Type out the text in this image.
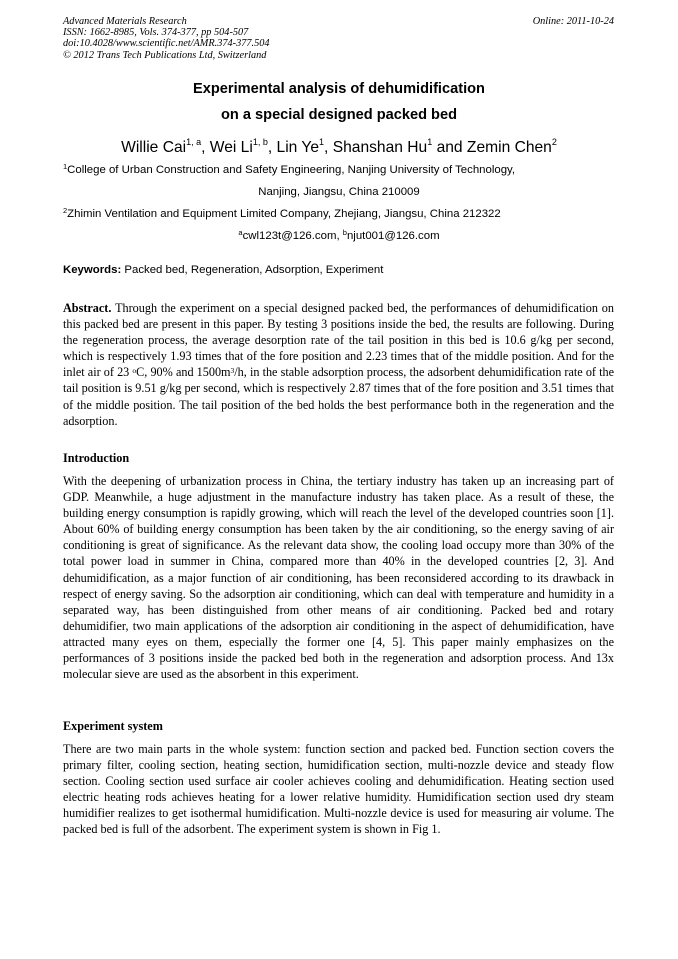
Advanced Materials Research
ISSN: 1662-8985, Vols. 374-377, pp 504-507
doi:10.4028/www.scientific.net/AMR.374-377.504
© 2012 Trans Tech Publications Ltd, Switzerland
Online: 2011-10-24
Experimental analysis of dehumidification
on a special designed packed bed
Willie Cai$^{1, a}$, Wei Li$^{1, b}$, Lin Ye$^1$, Shanshan Hu$^1$ and Zemin Chen$^2$
$^1$College of Urban Construction and Safety Engineering, Nanjing University of Technology,
Nanjing, Jiangsu, China 210009
$^2$Zhimin Ventilation and Equipment Limited Company, Zhejiang, Jiangsu, China 212322
$^a$cwl123t@126.com, $^b$njut001@126.com
Keywords: Packed bed, Regeneration, Adsorption, Experiment
Abstract. Through the experiment on a special designed packed bed, the performances of dehumidification on this packed bed are present in this paper. By testing 3 positions inside the bed, the results are following. During the regeneration process, the average desorption rate of the tail position in this bed is 10.6 g/kg per second, which is respectively 1.93 times that of the fore position and 2.23 times that of the middle position. And for the inlet air of 23 $^o$C, 90% and $1500m^3/h$, in the stable adsorption process, the adsorbent dehumidification rate of the tail position is 9.51 g/kg per second, which is respectively 2.87 times that of the fore position and 3.51 times that of the middle position. The tail position of the bed holds the best performance both in the regeneration and the adsorption.
Introduction
With the deepening of urbanization process in China, the tertiary industry has taken up an increasing part of GDP. Meanwhile, a huge adjustment in the manufacture industry has taken place. As a result of these, the building energy consumption is rapidly growing, which will reach the level of the developed countries soon [1]. About 60% of building energy consumption has been taken by the air conditioning, so the energy saving of air conditioning is great of significance. As the relevant data show, the cooling load occupy more than 30% of the total power load in summer in China, compared more than 40% in the developed countries [2, 3]. And dehumidification, as a major function of air conditioning, has been reconsidered according to its drawback in respect of energy saving. So the adsorption air conditioning, which can deal with temperature and humidity in a separated way, has been distinguished from other means of air conditioning. Packed bed and rotary dehumidifier, two main applications of the adsorption air conditioning in the aspect of dehumidification, have attracted many eyes on them, especially the former one [4, 5]. This paper mainly emphasizes on the performances of 3 positions inside the packed bed both in the regeneration and adsorption process. And 13x molecular sieve are used as the absorbent in this experiment.
Experiment system
There are two main parts in the whole system: function section and packed bed. Function section covers the primary filter, cooling section, heating section, humidification section, multi-nozzle device and steady flow section. Cooling section used surface air cooler achieves cooling and dehumidification. Heating section used electric heating rods achieves heating for a lower relative humidity. Humidification section used dry steam humidifier realizes to get isothermal humidification. Multi-nozzle device is used for measuring air volume. The packed bed is full of the adsorbent. The experiment system is shown in Fig 1.
